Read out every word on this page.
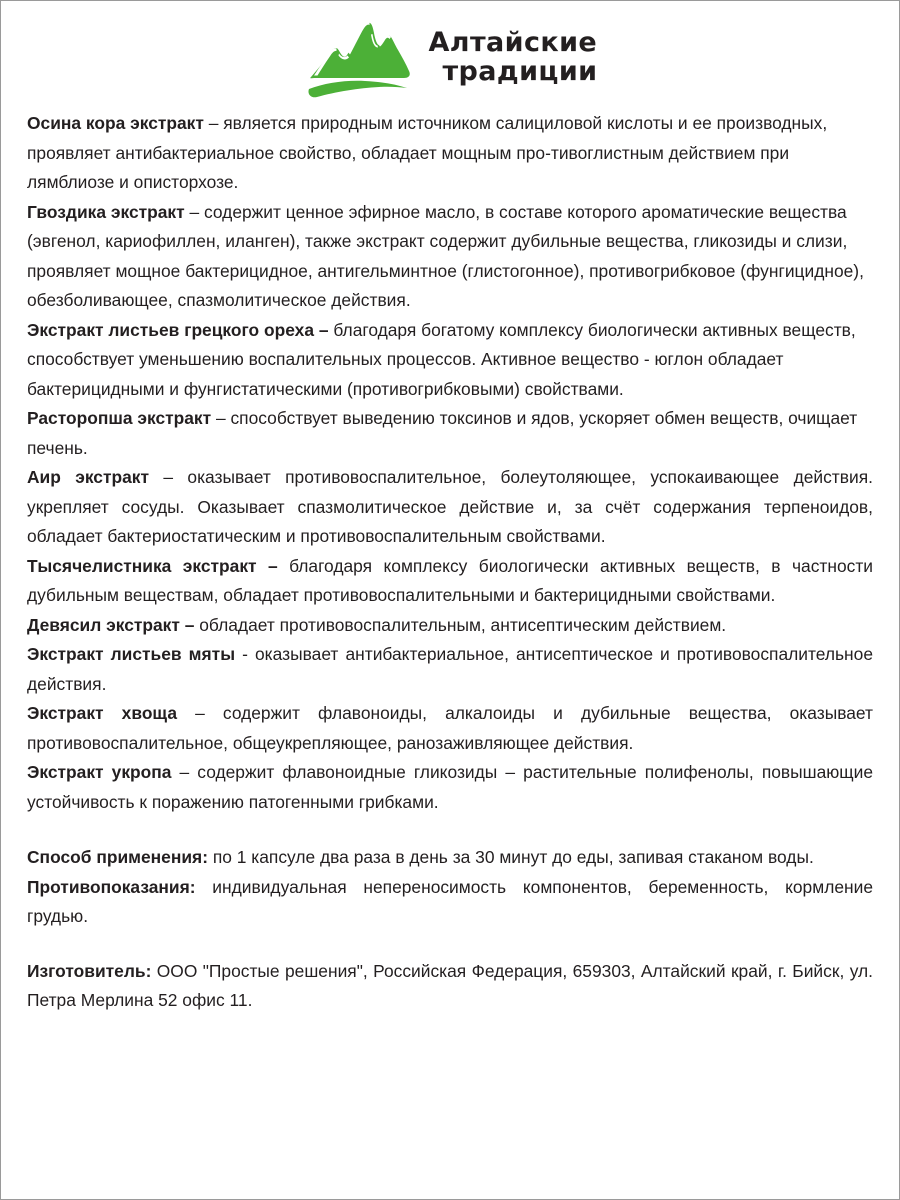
Алтайские
традиции

Осина кора экстракт – является природным источником салициловой кислоты и ее производных, проявляет антибактериальное свойство, обладает мощным про-тивоглистным действием при лямблиозе и описторхозе.

Гвоздика экстракт – содержит ценное эфирное масло, в составе которого ароматические вещества (эвгенол, кариофиллен, иланген), также экстракт содержит дубильные вещества, гликозиды и слизи, проявляет мощное бактерицидное, антигельминтное (глистогонное), противогрибковое (фунгицидное), обезболивающее, спазмолитическое действия.

Экстракт листьев грецкого ореха – благодаря богатому комплексу биологически активных веществ, способствует уменьшению воспалительных процессов. Активное вещество - юглон обладает бактерицидными и фунгистатическими (противогрибковыми) свойствами.

Расторопша экстракт – способствует выведению токсинов и ядов, ускоряет обмен веществ, очищает печень.

Аир экстракт – оказывает противовоспалительное, болеутоляющее, успокаивающее действия. укрепляет сосуды. Оказывает спазмолитическое действие и, за счёт содержания терпеноидов, обладает бактериостатическим и противовоспалительным свойствами.

Тысячелистника экстракт – благодаря комплексу биологически активных веществ, в частности дубильным веществам, обладает противовоспалительными и бактерицидными свойствами.

Девясил экстракт – обладает противовоспалительным, антисептическим действием.

Экстракт листьев мяты - оказывает антибактериальное, антисептическое и противовоспалительное действия.

Экстракт хвоща – содержит флавоноиды, алкалоиды и дубильные вещества, оказывает противовоспалительное, общеукрепляющее, ранозаживляющее действия.

Экстракт укропа – содержит флавоноидные гликозиды – растительные полифенолы, повышающие устойчивость к поражению патогенными грибками.

Способ применения: по 1 капсуле два раза в день за 30 минут до еды, запивая стаканом воды.

Противопоказания: индивидуальная непереносимость компонентов, беременность, кормление грудью.

Изготовитель: ООО "Простые решения", Российская Федерация, 659303, Алтайский край, г. Бийск, ул. Петра Мерлина 52 офис 11.
